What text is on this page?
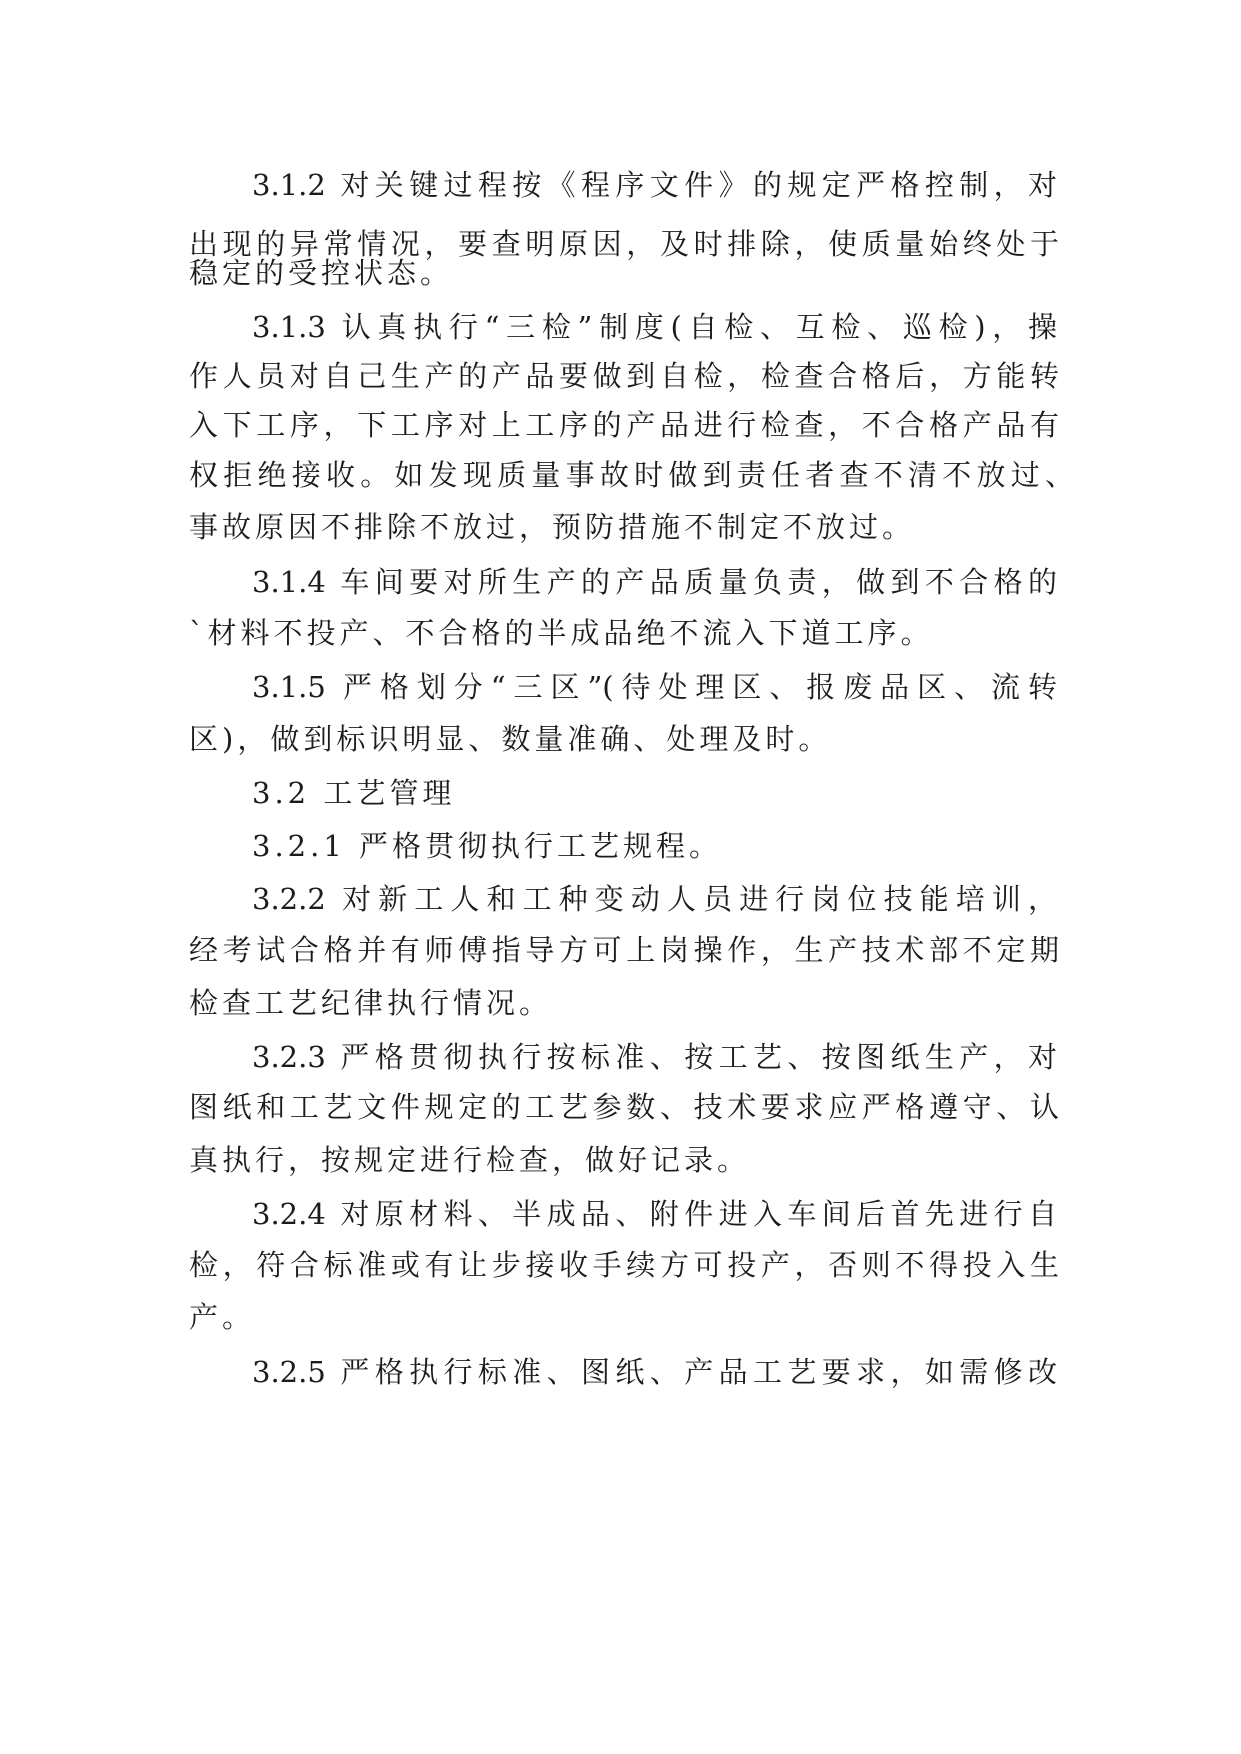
3.1.2 对关键过程按《程序文件》的规定严格控制，对
出现的异常情况，要查明原因，及时排除，使质量始终处于
稳定的受控状态。
3.1.3 认真执行“三检”制度(自检、互检、巡检)，操
作人员对自己生产的产品要做到自检，检查合格后，方能转
入下工序，下工序对上工序的产品进行检查，不合格产品有
权拒绝接收。如发现质量事故时做到责任者查不清不放过、
事故原因不排除不放过，预防措施不制定不放过。
3.1.4 车间要对所生产的产品质量负责，做到不合格的
`材料不投产、不合格的半成品绝不流入下道工序。
3.1.5 严格划分“三区”(待处理区、报废品区、流转
区)，做到标识明显、数量准确、处理及时。
3.2 工艺管理
3.2.1 严格贯彻执行工艺规程。
3.2.2 对新工人和工种变动人员进行岗位技能培训，
经考试合格并有师傅指导方可上岗操作，生产技术部不定期
检查工艺纪律执行情况。
3.2.3 严格贯彻执行按标准、按工艺、按图纸生产，对
图纸和工艺文件规定的工艺参数、技术要求应严格遵守、认
真执行，按规定进行检查，做好记录。
3.2.4 对原材料、半成品、附件进入车间后首先进行自
检，符合标准或有让步接收手续方可投产，否则不得投入生
产。
3.2.5 严格执行标准、图纸、产品工艺要求，如需修改
